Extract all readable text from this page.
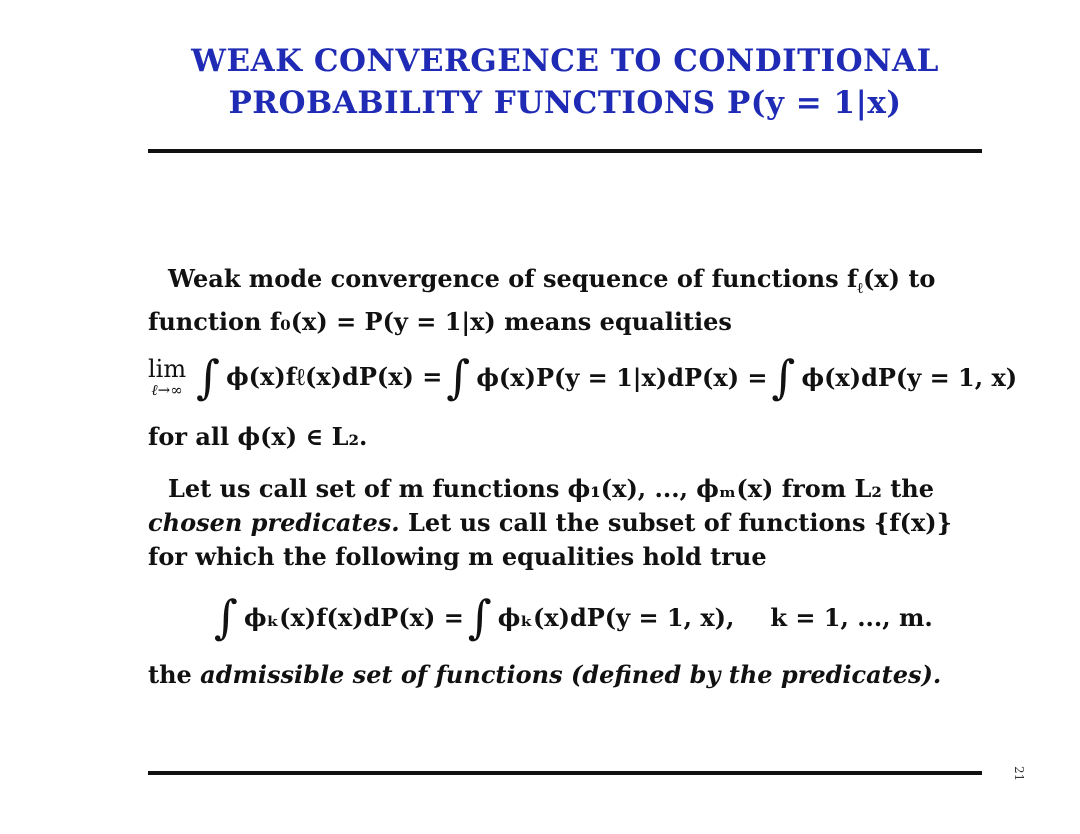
WEAK CONVERGENCE TO CONDITIONAL
PROBABILITY FUNCTIONS P(y = 1|x)

Weak mode convergence of sequence of functions $f_\ell(x)$ to
function f₀(x) = P(y = 1|x) means equalities

lim
ℓ→∞ ∫ ϕ(x)fℓ(x)dP(x) = ∫ ϕ(x)P(y = 1|x)dP(x) = ∫ ϕ(x)dP(y = 1, x)

for all ϕ(x) ∈ L₂.

Let us call set of m functions ϕ₁(x), ..., ϕₘ(x) from L₂ the
chosen predicates. Let us call the subset of functions {f(x)}
for which the following m equalities hold true

∫ ϕₖ(x)f(x)dP(x) = ∫ ϕₖ(x)dP(y = 1, x), k = 1, ..., m.

the admissible set of functions (defined by the predicates).

21
